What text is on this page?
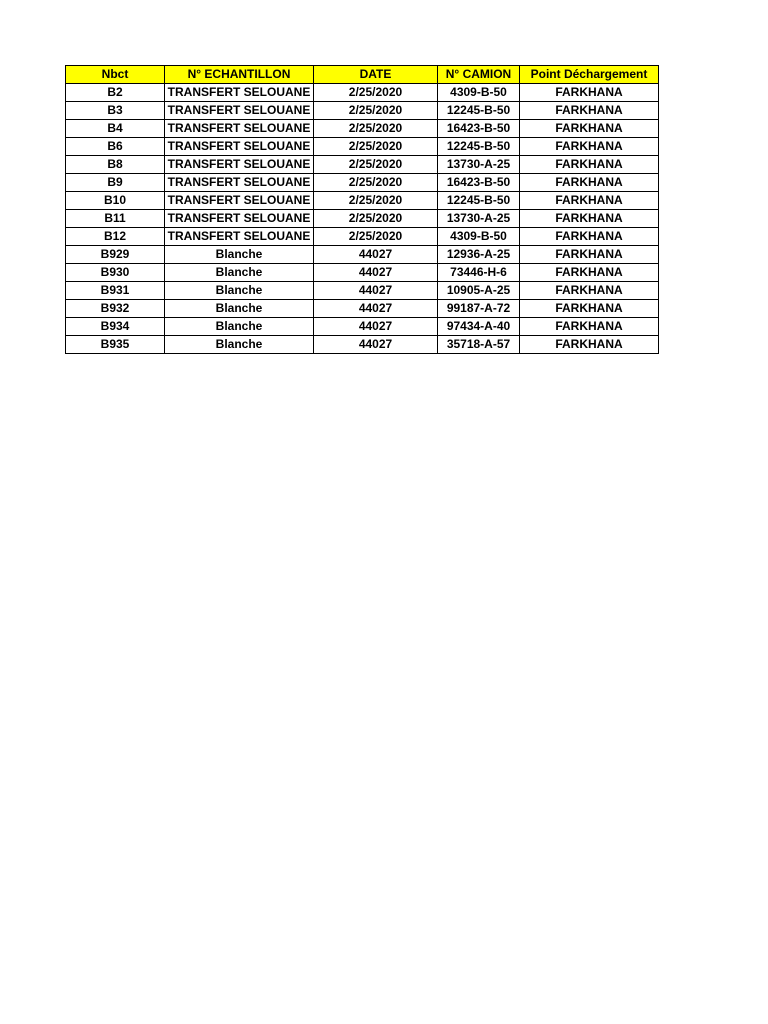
Nbct	N° ECHANTILLON	DATE	N° CAMION	Point Déchargement
B2	TRANSFERT SELOUANE	2/25/2020	4309-B-50	FARKHANA
B3	TRANSFERT SELOUANE	2/25/2020	12245-B-50	FARKHANA
B4	TRANSFERT SELOUANE	2/25/2020	16423-B-50	FARKHANA
B6	TRANSFERT SELOUANE	2/25/2020	12245-B-50	FARKHANA
B8	TRANSFERT SELOUANE	2/25/2020	13730-A-25	FARKHANA
B9	TRANSFERT SELOUANE	2/25/2020	16423-B-50	FARKHANA
B10	TRANSFERT SELOUANE	2/25/2020	12245-B-50	FARKHANA
B11	TRANSFERT SELOUANE	2/25/2020	13730-A-25	FARKHANA
B12	TRANSFERT SELOUANE	2/25/2020	4309-B-50	FARKHANA
B929	Blanche	44027	12936-A-25	FARKHANA
B930	Blanche	44027	73446-H-6	FARKHANA
B931	Blanche	44027	10905-A-25	FARKHANA
B932	Blanche	44027	99187-A-72	FARKHANA
B934	Blanche	44027	97434-A-40	FARKHANA
B935	Blanche	44027	35718-A-57	FARKHANA
